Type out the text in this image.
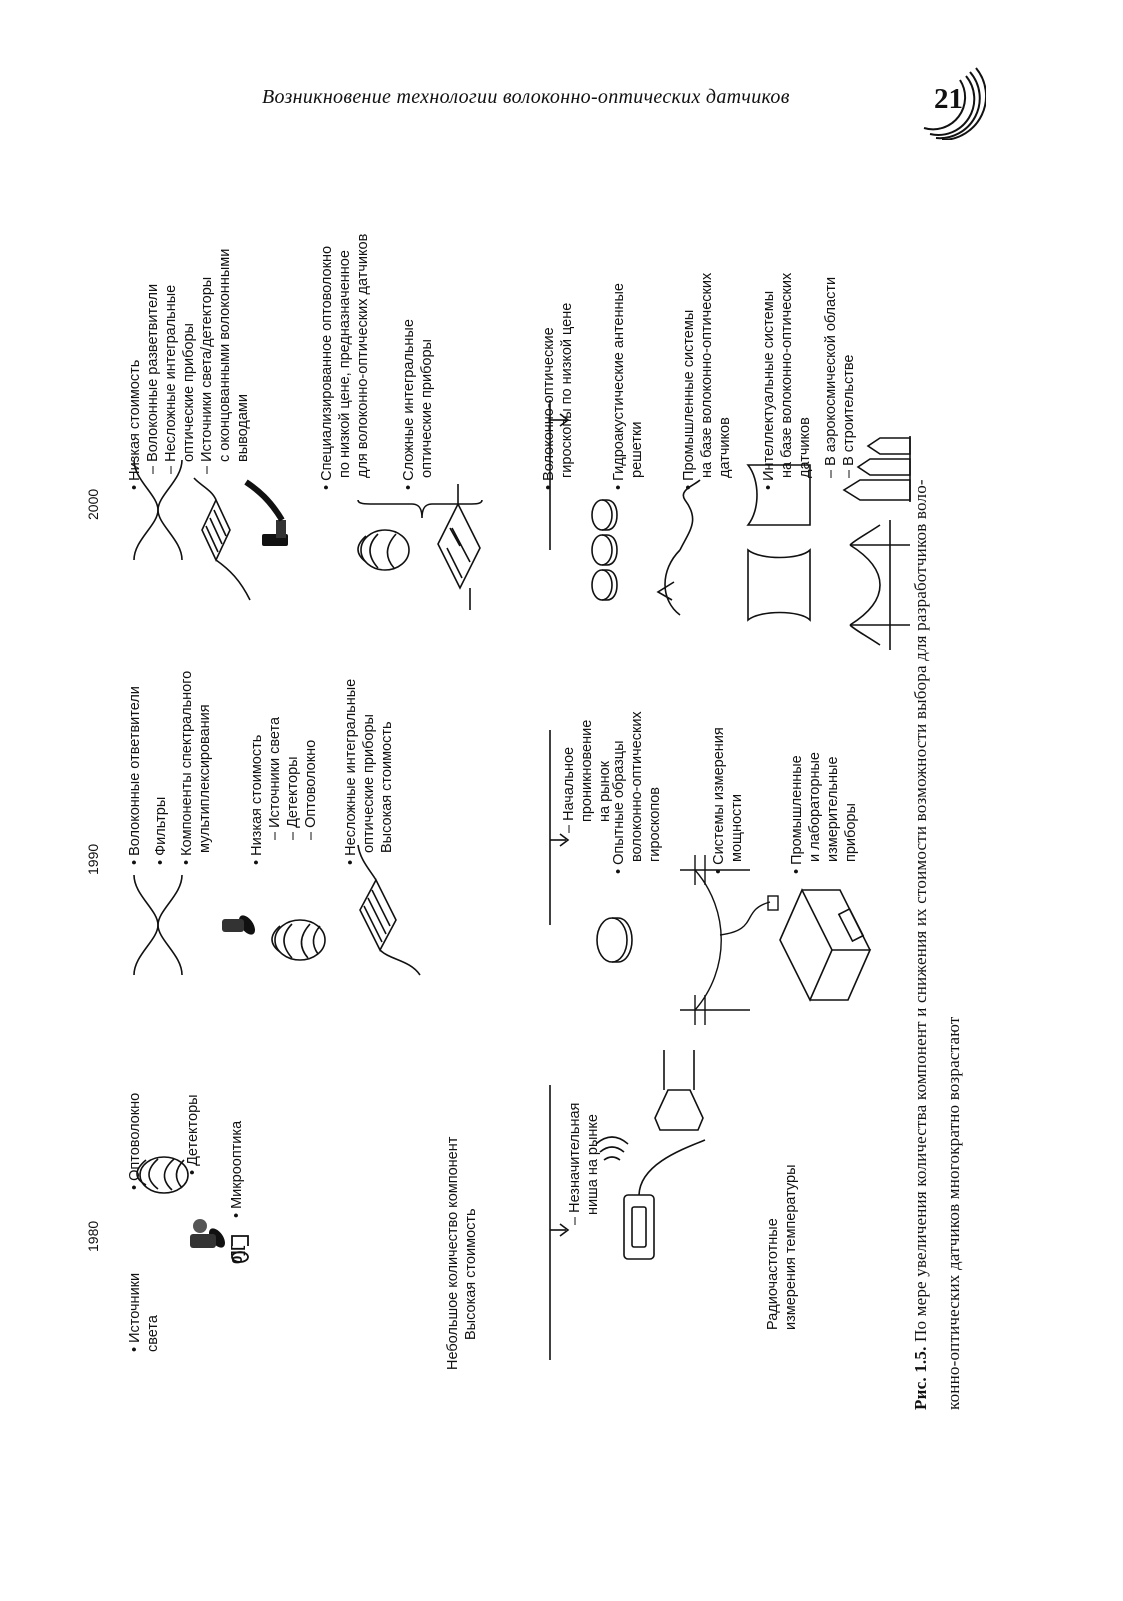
Возникновение технологии волоконно-оптических датчиков	21
1980
1990
2000
• Источники света
• Оптоволокно	• Детекторы
0][
• Микрооптика	Небольшое количество компонент Высокая стоимость
– Незначительная ниша на рынке
Радиочастотные измерения температуры
• Волоконные ответвители • Фильтры • Компоненты спектрального мультиплексирования • Низкая стоимость – Источники света – Детекторы – Оптоволокно • Несложные интегральные оптические приборы Высокая стоимость	– Начальное проникновение на рынок
• Опытные образцы волоконно-оптических гироскопов	• Системы измерения мощности	• Промышленные и лабораторные измерительные приборы
• Низкая стоимость – Волоконные разветвители – Несложные интегральные оптические приборы – Источники света/детекторы с оконцованными волоконными выводами	• Специализированное оптоволокно по низкой цене, предназначенное для волоконно-оптических датчиков • Сложные интегральные оптические приборы	• Волоконно-оптические гироскопы по низкой цене • Гидроакустические антенные решетки • Промышленные системы на базе волоконно-оптических датчиков • Интеллектуальные системы на базе волоконно-оптических датчиков – В аэрокосмической области – В строительстве
Рис. 1.5. По мере увеличения количества компонент и снижения их стоимости возможности выбора для разработчиков воло- конно-оптических датчиков многократно возрастают
